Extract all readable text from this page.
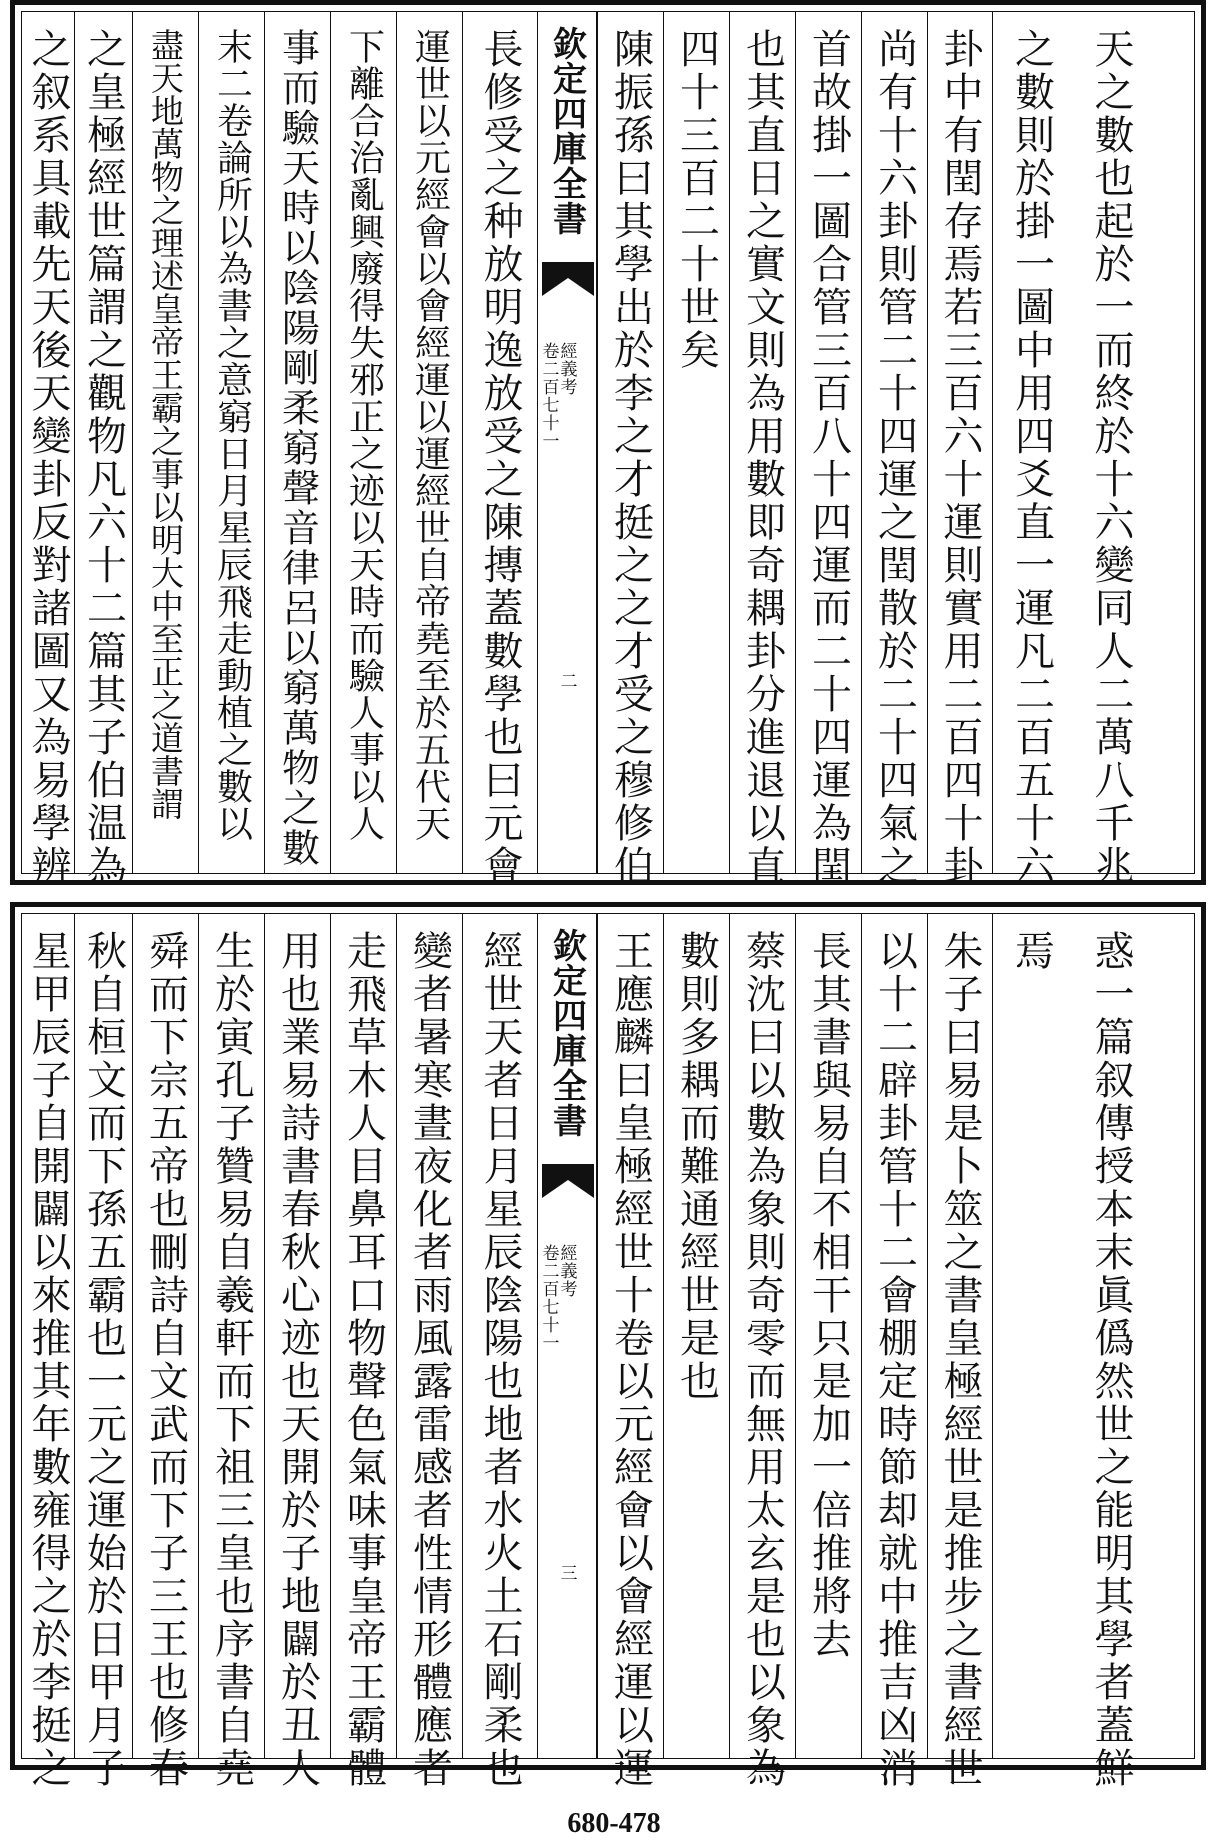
天之數也起於一而終於十六變同人二萬八千兆
之數則於掛一圖中用四爻直一運凡二百五十六
卦中有閏存焉若三百六十運則實用二百四十卦
尚有十六卦則管二十四運之閏散於二十四氣之
首故掛一圖合管三百八十四運而二十四運為閏
也其直日之實文則為用數即奇耦卦分進退以直
四十三百二十世矣
陳振孫曰其學出於李之才挺之之才受之穆修伯
欽定四庫全書
經義考
卷二百七十一
二
長修受之种放明逸放受之陳摶蓋數學也曰元會
運世以元經會以會經運以運經世自帝堯至於五代天
下離合治亂興廢得失邪正之迹以天時而驗人事以人
事而驗天時以陰陽剛柔窮聲音律呂以窮萬物之數
末二卷論所以為書之意窮日月星辰飛走動植之數以
盡天地萬物之理述皇帝王霸之事以明大中至正之道書謂
之皇極經世篇謂之觀物凡六十二篇其子伯温為
之叙系具載先天後天變卦反對諸圖又為易學辨
惑一篇叙傳授本末眞僞然世之能明其學者蓋鮮
焉
朱子曰易是卜筮之書皇極經世是推步之書經世
以十二辟卦管十二會棚定時節却就中推吉凶消
長其書與易自不相干只是加一倍推將去
蔡沈曰以數為象則奇零而無用太玄是也以象為
數則多耦而難通經世是也
王應麟曰皇極經世十卷以元經會以會經運以運
欽定四庫全書
經義考
卷二百七十一
三
經世天者日月星辰陰陽也地者水火土石剛柔也
變者暑寒晝夜化者雨風露雷感者性情形體應者
走飛草木人目鼻耳口物聲色氣味事皇帝王霸體
用也業易詩書春秋心迹也天開於子地闢於丑人
生於寅孔子贊易自羲軒而下祖三皇也序書自堯
舜而下宗五帝也刪詩自文武而下子三王也修春
秋自桓文而下孫五霸也一元之運始於日甲月子
星甲辰子自開闢以來推其年數雍得之於李挺之
680-478
